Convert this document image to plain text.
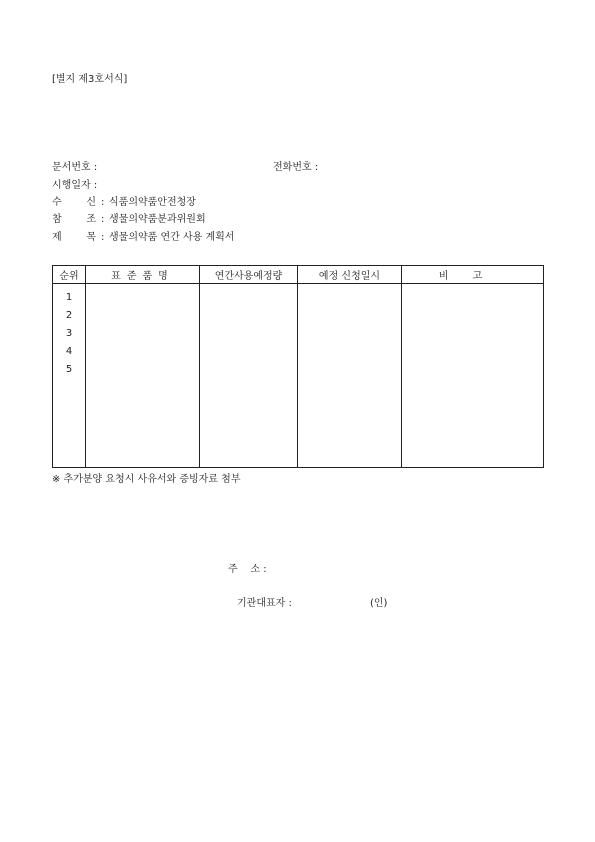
[별지 제3호서식]
문서번호 :	전화번호 :
시행일자 :
수 신 : 식품의약품안전청장
참 조 : 생물의약품분과위원회
제 목 : 생물의약품 연간 사용 계획서
순위	표준품명	연간사용예정량	예정 신청일시	비고

1
2
3
4
5				

※ 추가분양 요청시 사유서와 증빙자료 첨부
주    소 :
기관대표자 :	(인)
